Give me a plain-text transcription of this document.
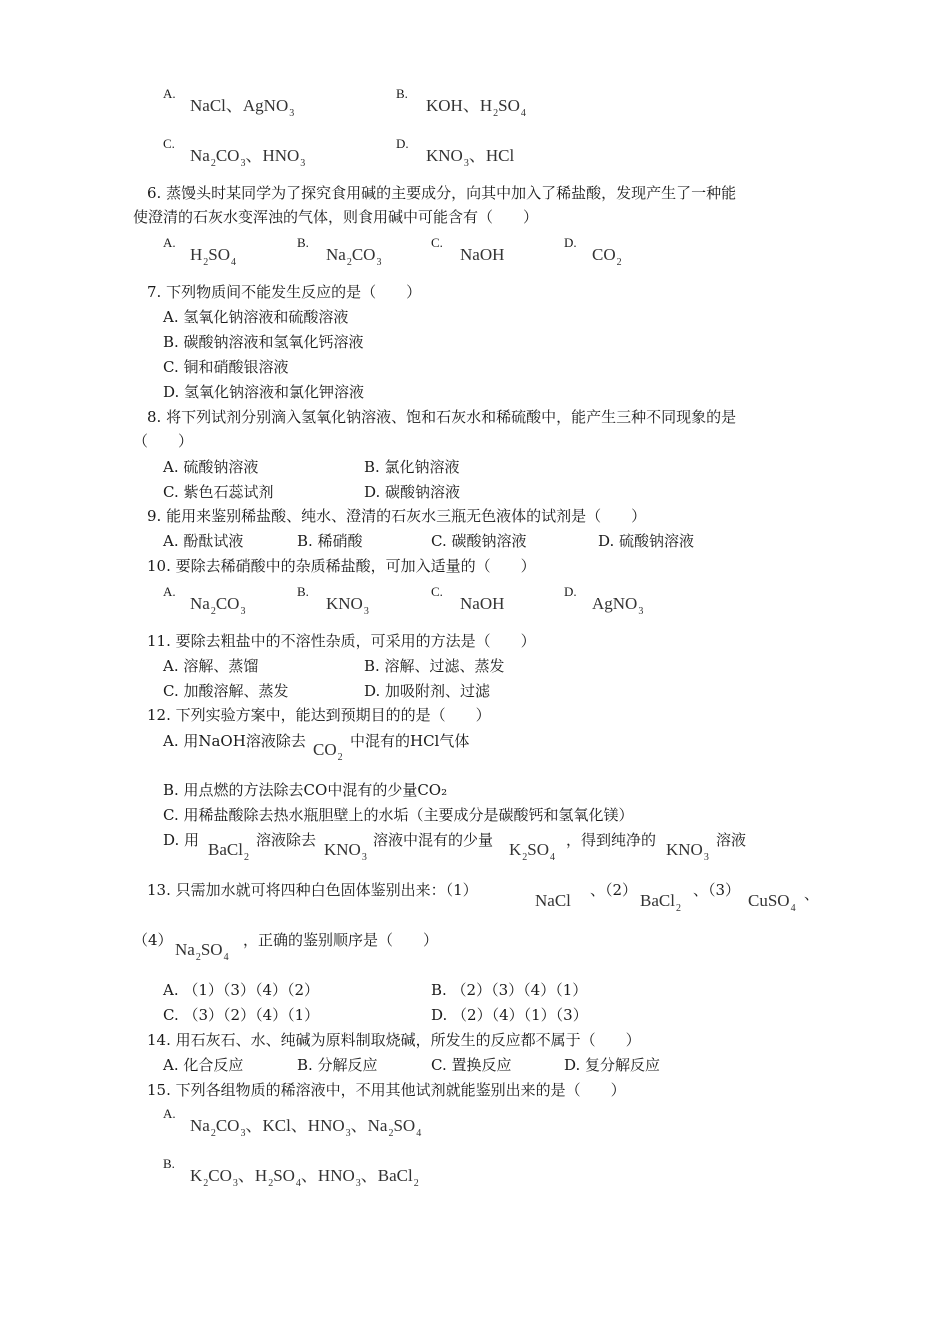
A.
NaCl、AgNO$_3$
B.
KOH、$H_2SO_4$
C.
$Na_2CO_3$、$HNO_3$
D.
$KNO_3$、HCl
6. 蒸馒头时某同学为了探究食用碱的主要成分，向其中加入了稀盐酸，发现产生了一种能
使澄清的石灰水变浑浊的气体，则食用碱中可能含有（　　）
A.
$H_2SO_4$
B.
$Na_2CO_3$
C.
NaOH
D.
$CO_2$
7. 下列物质间不能发生反应的是（　　）
A. 氢氧化钠溶液和硫酸溶液
B. 碳酸钠溶液和氢氧化钙溶液
C. 铜和硝酸银溶液
D. 氢氧化钠溶液和氯化钾溶液
8. 将下列试剂分别滴入氢氧化钠溶液、饱和石灰水和稀硫酸中，能产生三种不同现象的是
（　　）
A. 硫酸钠溶液	B. 氯化钠溶液
C. 紫色石蕊试剂	D. 碳酸钠溶液
9. 能用来鉴别稀盐酸、纯水、澄清的石灰水三瓶无色液体的试剂是（　　）
A. 酚酞试液	B. 稀硝酸	C. 碳酸钠溶液	D. 硫酸钠溶液
10. 要除去稀硝酸中的杂质稀盐酸，可加入适量的（　　）
A.
$Na_2CO_3$
B.
$KNO_3$
C.
NaOH
D.
AgNO$_3$
11. 要除去粗盐中的不溶性杂质，可采用的方法是（　　）
A. 溶解、蒸馏	B. 溶解、过滤、蒸发
C. 加酸溶解、蒸发	D. 加吸附剂、过滤
12. 下列实验方案中，能达到预期目的的是（　　）
A. 用NaOH溶液除去 $CO_2$
中混有的HCl气体
B. 用点燃的方法除去CO中混有的少量CO₂
C. 用稀盐酸除去热水瓶胆壁上的水垢（主要成分是碳酸钙和氢氧化镁）
D. 用 BaCl$_2$
溶液除去 $KNO_3$
溶液中混有的少量 $K_2SO_4$
，得到纯净的 $KNO_3$
溶液
13. 只需加水就可将四种白色固体鉴别出来：（1）
NaCl
、（2）
BaCl$_2$
、（3）
CuSO$_4$
、
（4） $Na_2SO_4$
，正确的鉴别顺序是（　　）
A. （1）（3）（4）（2）	B. （2）（3）（4）（1）
C. （3）（2）（4）（1）	D. （2）（4）（1）（3）
14. 用石灰石、水、纯碱为原料制取烧碱，所发生的反应都不属于（　　）
A. 化合反应	B. 分解反应	C. 置换反应	D. 复分解反应
15. 下列各组物质的稀溶液中，不用其他试剂就能鉴别出来的是（　　）
A.
$Na_2CO_3$、KCl、$HNO_3$、$Na_2SO_4$
B.
$K_2CO_3$、$H_2SO_4$、$HNO_3$、BaCl$_2$
